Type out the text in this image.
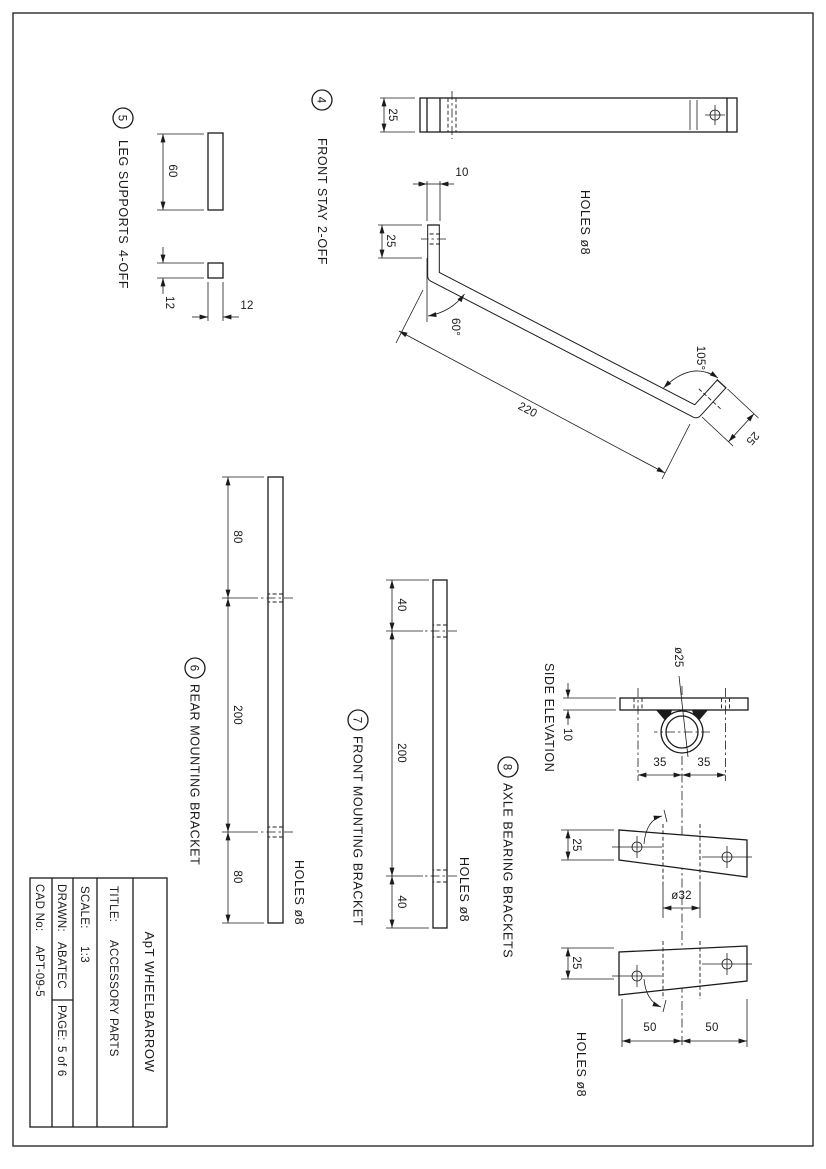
4
FRONT STAY
2-OFF
25
HOLES ø8
10
25
60°
220
105°
25
5
LEG SUPPORTS
4-OFF
60
12	12
6
REAR MOUNTING BRACKET
80
200
80	HOLES ø8
7
FRONT MOUNTING BRACKET
40
200
40	HOLES ø8
8
AXLE BEARING BRACKETS
SIDE ELEVATION 10
ø25
35
35
ø32
25
25
50
50
HOLES ø8
ApT WHEELBARROW
TITLE:
ACCESSORY PARTS
SCALE:
1:3
DRAWN:
ABATEC
PAGE:
5 of 6
CAD No:
APT-09-5
